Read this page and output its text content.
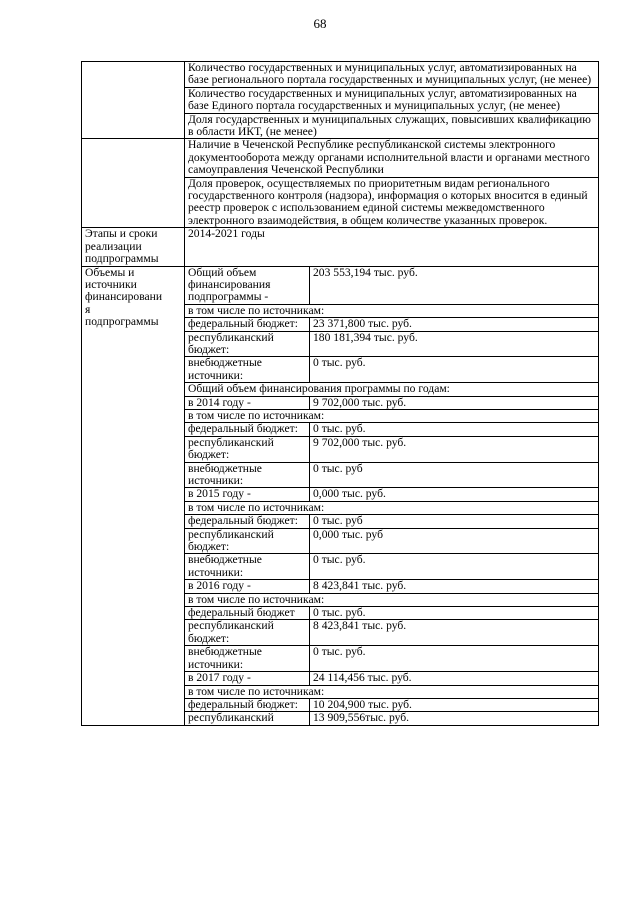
68

Количество государственных и муниципальных услуг, автоматизированных на базе регионального портала государственных и муниципальных услуг, (не менее)
Количество государственных и муниципальных услуг, автоматизированных на базе Единого портала государственных и муниципальных услуг, (не менее)
Доля государственных и муниципальных служащих, повысивших квалификацию в области ИКТ, (не менее)

Наличие в Чеченской Республике республиканской системы электронного документооборота между органами исполнительной власти и органами местного самоуправления Чеченской Республики
Доля проверок, осуществляемых по приоритетным видам регионального государственного контроля (надзора), информация о которых вносится в единый реестр проверок с использованием единой системы межведомственного электронного взаимодействия, в общем количестве указанных проверок.

Этапы и сроки реализации подпрограммы	2014-2021 годы

Объемы и
источники
финансировани
я
подпрограммы

Общий объем финансирования подпрограммы -	203 553,194 тыс. руб.
в том числе по источникам:
федеральный бюджет:	23 371,800 тыс. руб.
республиканский бюджет:	180 181,394 тыс. руб.
внебюджетные источники:	0 тыс. руб.
Общий объем финансирования программы по годам:
в 2014 году -	9 702,000 тыс. руб.
в том числе по источникам:
федеральный бюджет:	0 тыс. руб.
республиканский бюджет:	9 702,000 тыс. руб.
внебюджетные источники:	0 тыс. руб
в 2015 году -	0,000 тыс. руб.
в том числе по источникам:
федеральный бюджет:	0 тыс. руб
республиканский бюджет:	0,000 тыс. руб
внебюджетные источники:	0 тыс. руб.
в 2016 году -	8 423,841 тыс. руб.
в том числе по источникам:
федеральный бюджет	0 тыс. руб.
республиканский бюджет:	8 423,841 тыс. руб.
внебюджетные источники:	0 тыс. руб.
в 2017 году -	24 114,456 тыс. руб.
в том числе по источникам:
федеральный бюджет:	10 204,900 тыс. руб.
республиканский	13 909,556тыс. руб.
